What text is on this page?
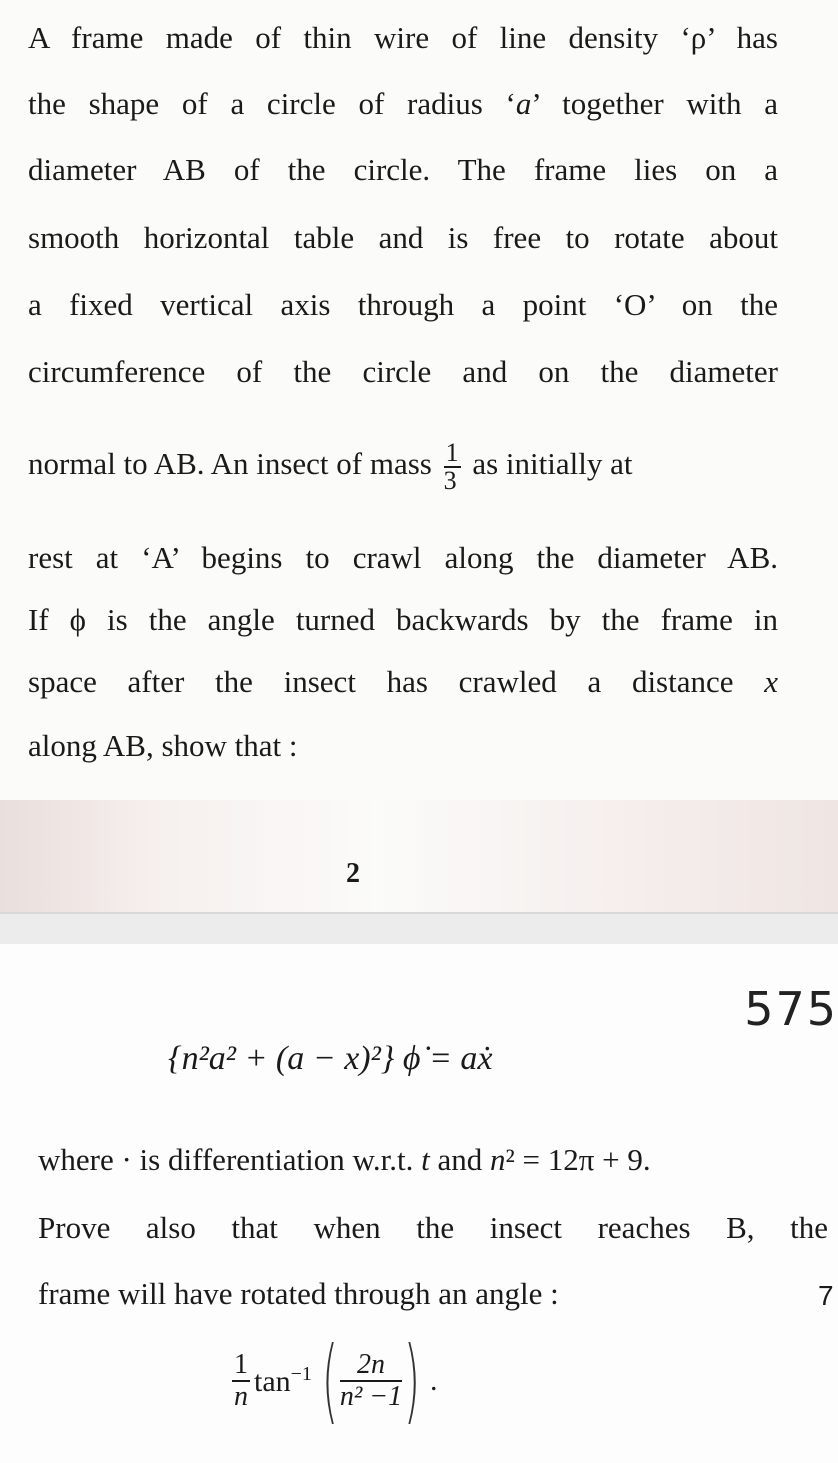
A frame made of thin wire of line density ‘ρ’ has
the shape of a circle of radius ‘a’ together with a
diameter AB of the circle. The frame lies on a
smooth horizontal table and is free to rotate about
a fixed vertical axis through a point ‘O’ on the
circumference of the circle and on the diameter
normal to AB. An insect of mass $\frac{1}{3}$ as initially at
rest at ‘A’ begins to crawl along the diameter AB.
If ϕ is the angle turned backwards by the frame in
space after the insect has crawled a distance x
along AB, show that :
2
575
{n²a² + (a − x)²} ϕ̇ = aẋ
where · is differentiation w.r.t. t and n² = 12π + 9.
Prove also that when the insect reaches B, the
frame will have rotated through an angle :	7
$\frac{1}{n} \tan^{-1}$ ( $\frac{2n}{\text{n² −1}}$ ) .
